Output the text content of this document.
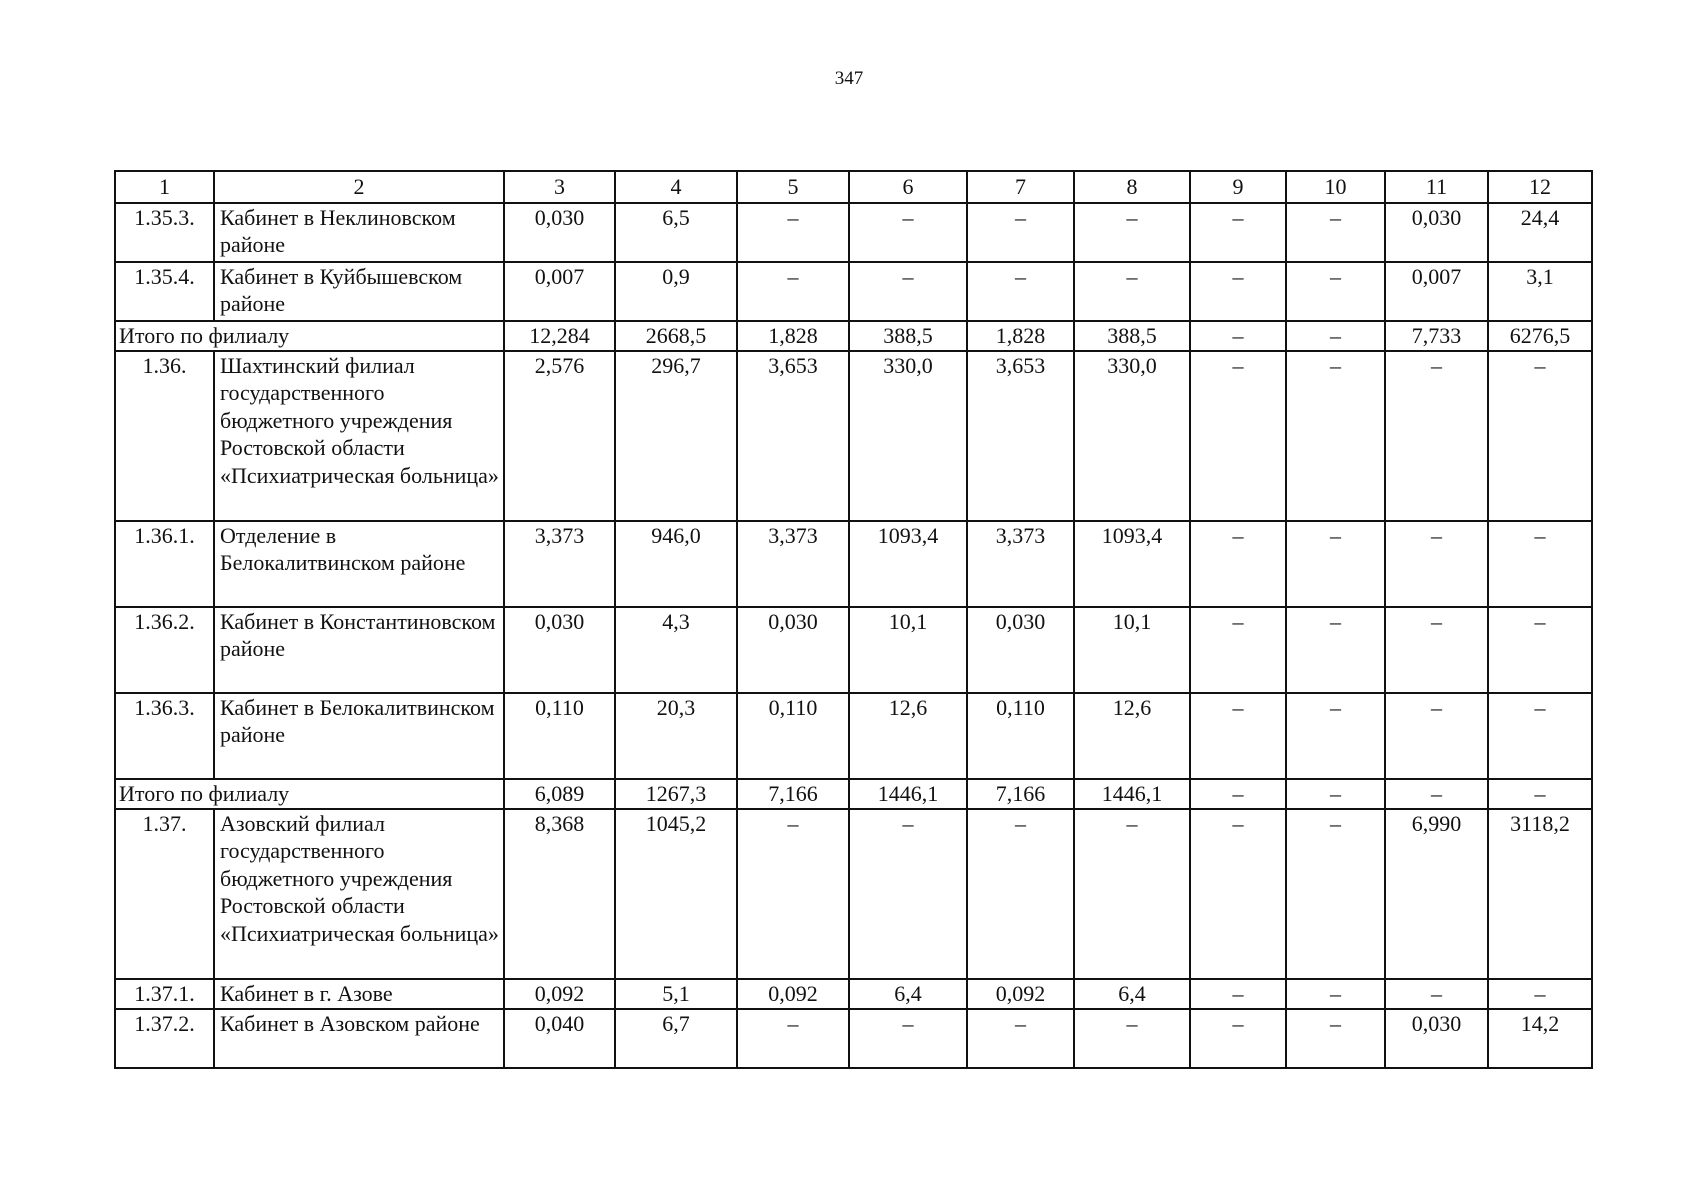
347
1	2	3	4	5	6	7	8	9	10	11	12
1.35.3.	Кабинет в Неклиновском районе	0,030	6,5	–	–	–	–	–	–	0,030	24,4
1.35.4.	Кабинет в Куйбышевском районе	0,007	0,9	–	–	–	–	–	–	0,007	3,1
Итого по филиалу		12,284	2668,5	1,828	388,5	1,828	388,5	–	–	7,733	6276,5
1.36.	Шахтинский филиал государственного бюджетного учреждения Ростовской области «Психиатрическая больница»	2,576	296,7	3,653	330,0	3,653	330,0	–	–	–	–
1.36.1.	Отделение в Белокалитвинском районе	3,373	946,0	3,373	1093,4	3,373	1093,4	–	–	–	–
1.36.2.	Кабинет в Константиновском районе	0,030	4,3	0,030	10,1	0,030	10,1	–	–	–	–
1.36.3.	Кабинет в Белокалитвинском районе	0,110	20,3	0,110	12,6	0,110	12,6	–	–	–	–
Итого по филиалу		6,089	1267,3	7,166	1446,1	7,166	1446,1	–	–	–	–
1.37.	Азовский филиал государственного бюджетного учреждения Ростовской области «Психиатрическая больница»	8,368	1045,2	–	–	–	–	–	–	6,990	3118,2
1.37.1.	Кабинет в г. Азове	0,092	5,1	0,092	6,4	0,092	6,4	–	–	–	–
1.37.2.	Кабинет в Азовском районе	0,040	6,7	–	–	–	–	–	–	0,030	14,2
